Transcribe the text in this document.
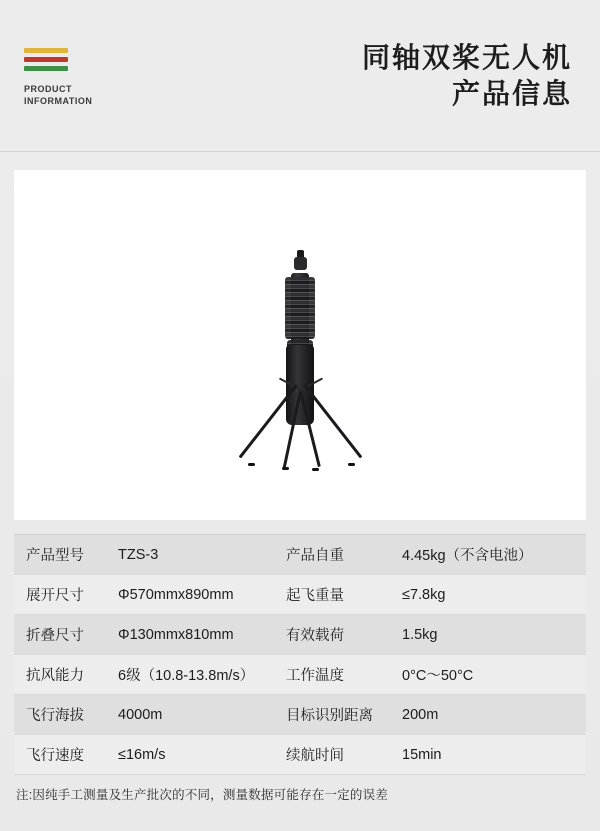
PRODUCT
INFORMATION
同轴双桨无人机
产品信息
产品型号	TZS-3	产品自重	4.45kg（不含电池）
展开尺寸	Φ570mmx890mm	起飞重量	≤7.8kg
折叠尺寸	Φ130mmx810mm	有效载荷	1.5kg
抗风能力	6级（10.8-13.8m/s）	工作温度	0°C～50°C
飞行海拔	4000m	目标识别距离	200m
飞行速度	≤16m/s	续航时间	15min
注:因纯手工测量及生产批次的不同，测量数据可能存在一定的误差
